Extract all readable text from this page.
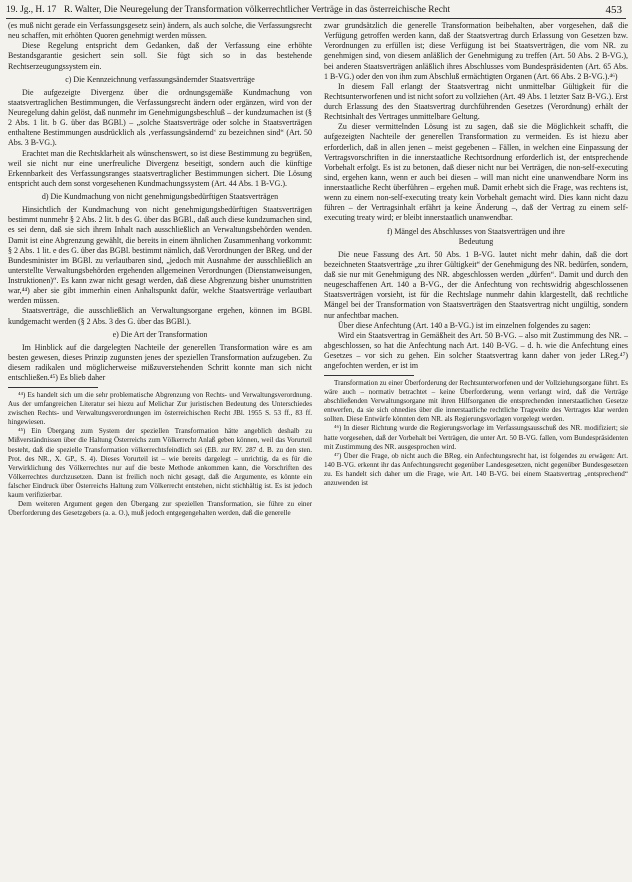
19. Jg., H. 17 R. Walter, Die Neuregelung der Transformation völkerrechtlicher Verträge in das österreichische Recht	453

(es muß nicht gerade ein Verfassungsgesetz sein) ändern, als auch solche, die Verfassungsrecht neu schaffen, mit erhöhten Quoren genehmigt werden müssen.

Diese Regelung entspricht dem Gedanken, daß der Verfassung eine erhöhte Bestandsgarantie gesichert sein soll. Sie fügt sich so in das bestehende Rechtserzeugungssystem ein.

c) Die Kennzeichnung verfassungsändernder Staatsverträge

Die aufgezeigte Divergenz über die ordnungsgemäße Kundmachung von staatsvertraglichen Bestimmungen, die Verfassungsrecht ändern oder ergänzen, wird von der Neuregelung dahin gelöst, daß nunmehr im Genehmigungsbeschluß – der kundzumachen ist (§ 2 Abs. 1 lit. b G. über das BGBl.) – „solche Staatsverträge oder solche in Staatsverträgen enthaltene Bestimmungen ausdrücklich als ‚verfassungsändernd‘ zu bezeichnen sind“ (Art. 50 Abs. 3 B-VG.).

Erachtet man die Rechtsklarheit als wünschenswert, so ist diese Bestimmung zu begrüßen, weil sie nicht nur eine unerfreuliche Divergenz beseitigt, sondern auch die künftige Erkennbarkeit des Verfassungsranges staatsvertraglicher Bestimmungen sichert. Die Lösung entspricht auch dem sonst vorgesehenen Kundmachungssystem (Art. 44 Abs. 1 B-VG.).

d) Die Kundmachung von nicht genehmigungsbedürftigen Staatsverträgen

Hinsichtlich der Kundmachung von nicht genehmigungsbedürftigen Staatsverträgen bestimmt nunmehr § 2 Abs. 2 lit. b des G. über das BGBl., daß auch diese kundzumachen sind, es sei denn, daß sie sich ihrem Inhalt nach ausschließlich an Verwaltungsbehörden wenden. Damit ist eine Abgrenzung gewählt, die bereits in einem ähnlichen Zusammenhang vorkommt: § 2 Abs. 1 lit. e des G. über das BGBl. bestimmt nämlich, daß Verordnungen der BReg. und der Bundesminister im BGBl. zu verlautbaren sind, „jedoch mit Ausnahme der ausschließlich an unterstellte Verwaltungsbehörden ergehenden allgemeinen Verordnungen (Dienstanweisungen, Instruktionen)“. Es kann zwar nicht gesagt werden, daß diese Abgrenzung bisher unumstritten war,⁴⁴) aber sie gibt immerhin einen Anhaltspunkt dafür, welche Staatsverträge verlautbart werden müssen.

Staatsverträge, die ausschließlich an Verwaltungsorgane ergehen, können im BGBl. kundgemacht werden (§ 2 Abs. 3 des G. über das BGBl.).

e) Die Art der Transformation

Im Hinblick auf die dargelegten Nachteile der generellen Transformation wäre es am besten gewesen, dieses Prinzip zugunsten jenes der speziellen Transformation aufzugeben. Zu diesem radikalen und möglicherweise mißzuverstehenden Schritt konnte man sich nicht entschließen.⁴⁵) Es blieb daher

⁴⁴) Es handelt sich um die sehr problematische Abgrenzung von Rechts- und Verwaltungsverordnung. Aus der umfangreichen Literatur sei hiezu auf Melichar Zur juristischen Bedeutung des Unterschiedes zwischen Rechts- und Verwaltungsverordnungen im österreichischen Recht JBl. 1955 S. 53 ff., 83 ff. hingewiesen.

⁴⁵) Ein Übergang zum System der speziellen Transformation hätte angeblich deshalb zu Mißverständnissen über die Haltung Österreichs zum Völkerrecht Anlaß geben können, weil das Vorurteil besteht, daß die spezielle Transformation völkerrechtsfeindlich sei (EB. zur RV. 287 d. B. zu den sten. Prot. des NR., X. GP., S. 4). Dieses Vorurteil ist – wie bereits dargelegt – unrichtig, da es für die Verwirklichung des Völkerrechtes nur auf die beste Methode ankommen kann, die Vorschriften des Völkerrechtes durchzusetzen. Dann ist freilich noch nicht gesagt, daß die Argumente, es könnte ein falscher Eindruck über Österreichs Haltung zum Völkerrecht entstehen, nicht stichhältig ist. Es ist jedoch kaum verifizierbar.

Dem weiteren Argument gegen den Übergang zur speziellen Transformation, sie führe zu einer Überforderung des Gesetzgebers (a. a. O.), muß jedoch entgegengehalten werden, daß die generelle

zwar grundsätzlich die generelle Transformation beibehalten, aber vorgesehen, daß die Verfügung getroffen werden kann, daß der Staatsvertrag durch Erlassung von Gesetzen bzw. Verordnungen zu erfüllen ist; diese Verfügung ist bei Staatsverträgen, die vom NR. zu genehmigen sind, von diesem anläßlich der Genehmigung zu treffen (Art. 50 Abs. 2 B-VG.), bei anderen Staatsverträgen anläßlich ihres Abschlusses vom Bundespräsidenten (Art. 65 Abs. 1 B-VG.) oder den von ihm zum Abschluß ermächtigten Organen (Art. 66 Abs. 2 B-VG.).⁴⁶)

In diesem Fall erlangt der Staatsvertrag nicht unmittelbar Gültigkeit für die Rechtsunterworfenen und ist nicht sofort zu vollziehen (Art. 49 Abs. 1 letzter Satz B-VG.). Erst durch Erlassung des den Staatsvertrag durchführenden Gesetzes (Verordnung) erhält der Rechtsinhalt des Vertrages unmittelbare Geltung.

Zu dieser vermittelnden Lösung ist zu sagen, daß sie die Möglichkeit schafft, die aufgezeigten Nachteile der generellen Transformation zu vermeiden. Es ist hiezu aber erforderlich, daß in allen jenen – meist gegebenen – Fällen, in welchen eine Einpassung der Vertragsvorschriften in die innerstaatliche Rechtsordnung erforderlich ist, der entsprechende Vorbehalt erfolgt. Es ist zu betonen, daß dieser nicht nur bei Verträgen, die non-self-executing sind, ergehen kann, wenn er auch bei diesen – will man nicht eine unanwendbare Norm ins innerstaatliche Recht überführen – ergehen muß. Damit erhebt sich die Frage, was rechtens ist, wenn zu einem non-self-executing treaty kein Vorbehalt gemacht wird. Dies kann nicht dazu führen – der Vertragsinhalt erfährt ja keine Änderung –, daß der Vertrag zu einem self-executing treaty wird; er bleibt innerstaatlich unanwendbar.

f) Mängel des Abschlusses von Staatsverträgen und ihre

Bedeutung

Die neue Fassung des Art. 50 Abs. 1 B-VG. lautet nicht mehr dahin, daß die dort bezeichneten Staatsverträge „zu ihrer Gültigkeit“ der Genehmigung des NR. bedürfen, sondern, daß sie nur mit Genehmigung des NR. abgeschlossen werden „dürfen“. Damit und durch den neugeschaffenen Art. 140 a B-VG., der die Anfechtung von rechtswidrig abgeschlossenen Staatsverträgen vorsieht, ist für die Rechtslage nunmehr dahin klargestellt, daß rechtliche Mängel bei der Transformation von Staatsverträgen den Staatsvertrag nicht ungültig, sondern nur anfechtbar machen.

Über diese Anfechtung (Art. 140 a B-VG.) ist im einzelnen folgendes zu sagen:

Wird ein Staatsvertrag in Gemäßheit des Art. 50 B-VG. – also mit Zustimmung des NR. – abgeschlossen, so hat die Anfechtung nach Art. 140 B-VG. – d. h. wie die Anfechtung eines Gesetzes – vor sich zu gehen. Ein solcher Staatsvertrag kann daher von jeder LReg.⁴⁷) angefochten werden, er ist im

Transformation zu einer Überforderung der Rechtsunterworfenen und der Vollziehungsorgane führt. Es wäre auch – normativ betrachtet – keine Überforderung, wenn verlangt wird, daß die Verträge abschließenden Verwaltungsorgane mit ihren Hilfsorganen die entsprechenden innerstaatlichen Gesetze entwerfen, da sie sich ohnedies über die innerstaatliche rechtliche Tragweite des Vertrages klar werden sollten. Diese Entwürfe könnten dem NR. als Regierungsvorlagen vorgelegt werden.

⁴⁶) In dieser Richtung wurde die Regierungsvorlage im Verfassungsausschuß des NR. modifiziert; sie hatte vorgesehen, daß der Vorbehalt bei Verträgen, die unter Art. 50 B-VG. fallen, vom Bundespräsidenten mit Zustimmung des NR. ausgesprochen wird.

⁴⁷) Über die Frage, ob nicht auch die BReg. ein Anfechtungsrecht hat, ist folgendes zu erwägen: Art. 140 B-VG. erkennt ihr das Anfechtungsrecht gegenüber Landesgesetzen, nicht gegenüber Bundesgesetzen zu. Es handelt sich daher um die Frage, wie Art. 140 B-VG. bei einem Staatsvertrag „entsprechend“ anzuwenden ist
